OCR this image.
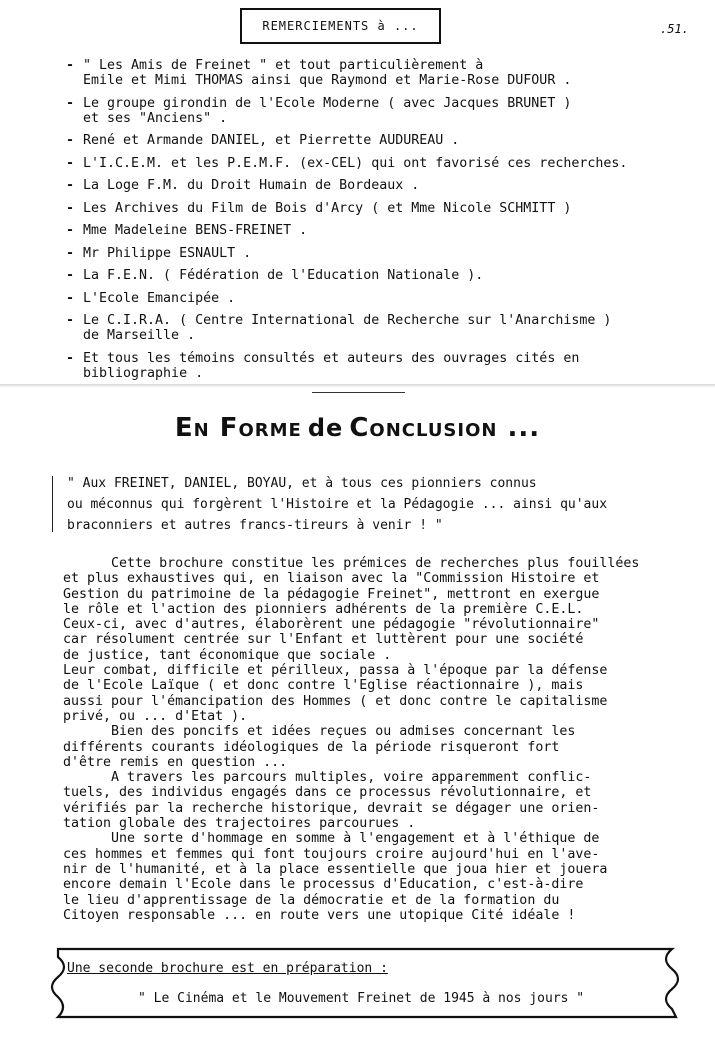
REMERCIEMENTS à ...	.51.
- " Les Amis de Freinet " et tout particulièrement à
Emile et Mimi THOMAS ainsi que Raymond et Marie-Rose DUFOUR .
- Le groupe girondin de l'Ecole Moderne ( avec Jacques BRUNET )
et ses "Anciens" .
- René et Armande DANIEL, et Pierrette AUDUREAU .
- L'I.C.E.M. et les P.E.M.F. (ex-CEL) qui ont favorisé ces recherches.
- La Loge F.M. du Droit Humain de Bordeaux .
- Les Archives du Film de Bois d'Arcy ( et Mme Nicole SCHMITT )
- Mme Madeleine BENS-FREINET .
- Mr Philippe ESNAULT .
- La F.E.N. ( Fédération de l'Education Nationale ).
- L'Ecole Emancipée .
- Le C.I.R.A. ( Centre International de Recherche sur l'Anarchisme )
de Marseille .
- Et tous les témoins consultés et auteurs des ouvrages cités en
bibliographie .
En Forme de Conclusion ...

" Aux FREINET, DANIEL, BOYAU, et à tous ces pionniers connus
ou méconnus qui forgèrent l'Histoire et la Pédagogie ... ainsi qu'aux
braconniers et autres francs-tireurs à venir ! "

Cette brochure constitue les prémices de recherches plus fouillées
et plus exhaustives qui, en liaison avec la "Commission Histoire et
Gestion du patrimoine de la pédagogie Freinet", mettront en exergue
le rôle et l'action des pionniers adhérents de la première C.E.L.
Ceux-ci, avec d'autres, élaborèrent une pédagogie "révolutionnaire"
car résolument centrée sur l'Enfant et luttèrent pour une société
de justice, tant économique que sociale .
Leur combat, difficile et périlleux, passa à l'époque par la défense
de l'Ecole Laïque ( et donc contre l'Eglise réactionnaire ), mais
aussi pour l'émancipation des Hommes ( et donc contre le capitalisme
privé, ou ... d'Etat ).
Bien des poncifs et idées reçues ou admises concernant les
différents courants idéologiques de la période risqueront fort
d'être remis en question ...
A travers les parcours multiples, voire apparemment conflic-
tuels, des individus engagés dans ce processus révolutionnaire, et
vérifiés par la recherche historique, devrait se dégager une orien-
tation globale des trajectoires parcourues .
Une sorte d'hommage en somme à l'engagement et à l'éthique de
ces hommes et femmes qui font toujours croire aujourd'hui en l'ave-
nir de l'humanité, et à la place essentielle que joua hier et jouera
encore demain l'Ecole dans le processus d'Education, c'est-à-dire
le lieu d'apprentissage de la démocratie et de la formation du
Citoyen responsable ... en route vers une utopique Cité idéale !

Une seconde brochure est en préparation :
" Le Cinéma et le Mouvement Freinet de 1945 à nos jours "
